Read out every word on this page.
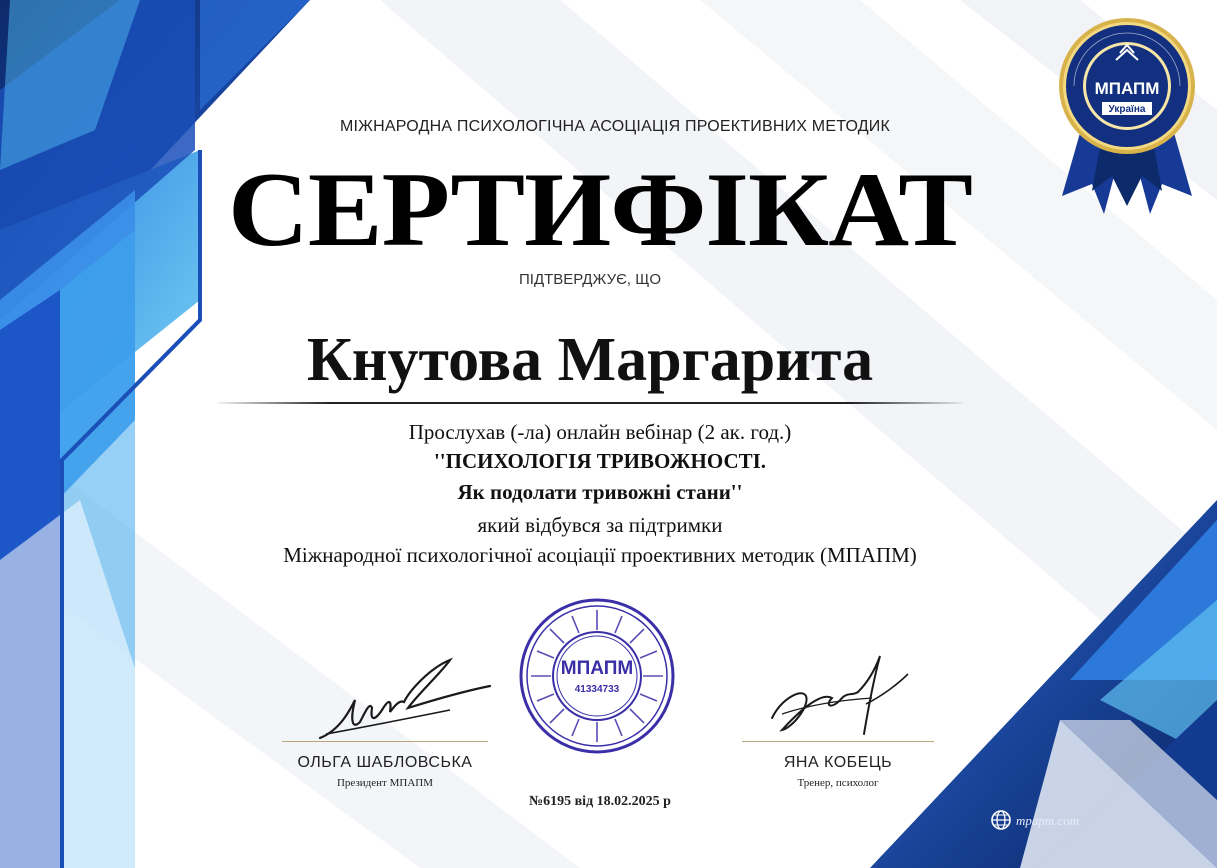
МПАПМ
Україна
МІЖНАРОДНА ПСИХОЛОГІЧНА АСОЦІАЦІЯ ПРОЕКТИВНИХ МЕТОДИК
СЕРТИФІКАТ
ПІДТВЕРДЖУЄ, ЩО
Кнутова Маргарита
Прослухав (-ла) онлайн вебінар (2 ак. год.)
''ПСИХОЛОГІЯ ТРИВОЖНОСТІ.
Як подолати тривожні стани''
який відбувся за підтримки
Міжнародної психологічної асоціації проективних методик (МПАПМ)
МПАПМ
41334733
ОЛЬГА ШАБЛОВСЬКА
Президент МПАПМ
ЯНА КОБЕЦЬ
Тренер, психолог
№6195 від 18.02.2025 р
mpapm.com
